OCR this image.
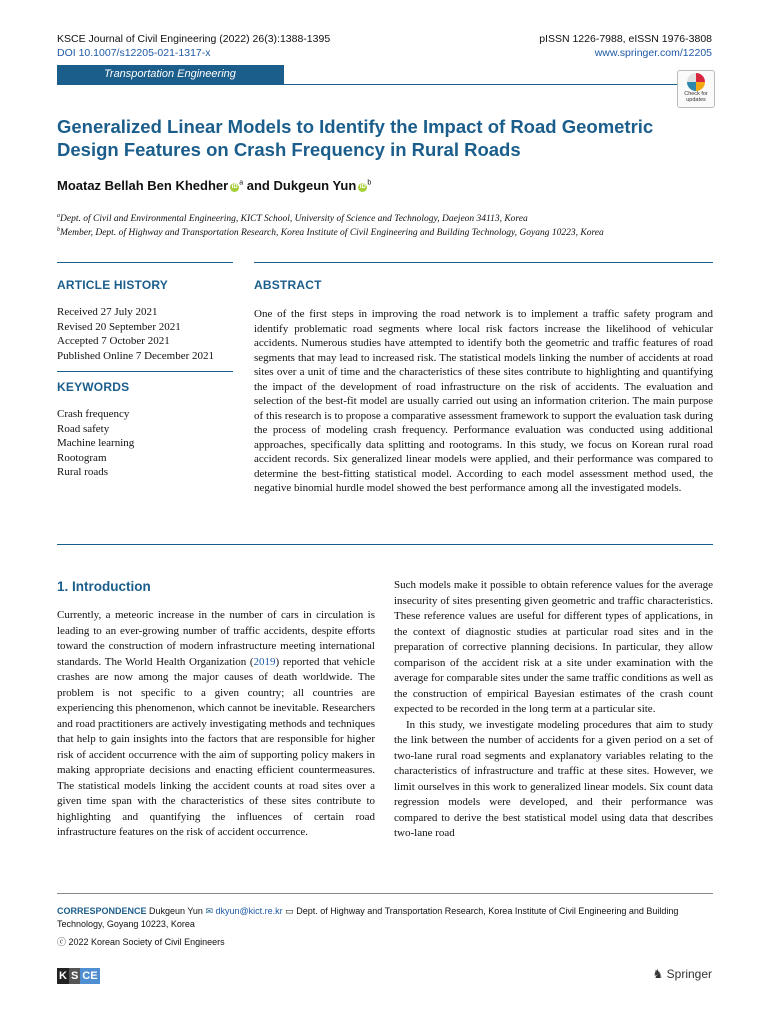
KSCE Journal of Civil Engineering (2022) 26(3):1388-1395
DOI 10.1007/s12205-021-1317-x
pISSN 1226-7988, eISSN 1976-3808
www.springer.com/12205
Transportation Engineering
Check for
updates
Generalized Linear Models to Identify the Impact of Road Geometric
Design Features on Crash Frequency in Rural Roads
Moataz Bellah Ben Khedher $iD^a$ and Dukgeun Yun $iD^b$
$^a$Dept. of Civil and Environmental Engineering, KICT School, University of Science and Technology, Daejeon 34113, Korea
$^b$Member, Dept. of Highway and Transportation Research, Korea Institute of Civil Engineering and Building Technology, Goyang 10223, Korea
ARTICLE HISTORY
Received 27 July 2021
Revised 20 September 2021
Accepted 7 October 2021
Published Online 7 December 2021
KEYWORDS
Crash frequency
Road safety
Machine learning
Rootogram
Rural roads
ABSTRACT
One of the first steps in improving the road network is to implement a traffic safety program and identify problematic road segments where local risk factors increase the likelihood of vehicular accidents. Numerous studies have attempted to identify both the geometric and traffic features of road segments that may lead to increased risk. The statistical models linking the number of accidents at road sites over a unit of time and the characteristics of these sites contribute to highlighting and quantifying the impact of the development of road infrastructure on the risk of accidents. The evaluation and selection of the best-fit model are usually carried out using an information criterion. The main purpose of this research is to propose a comparative assessment framework to support the evaluation task during the process of modeling crash frequency. Performance evaluation was conducted using additional approaches, specifically data splitting and rootograms. In this study, we focus on Korean rural road accident records. Six generalized linear models were applied, and their performance was compared to determine the best-fitting statistical model. According to each model assessment method used, the negative binomial hurdle model showed the best performance among all the investigated models.
1. Introduction
Currently, a meteoric increase in the number of cars in circulation is leading to an ever-growing number of traffic accidents, despite efforts toward the construction of modern infrastructure meeting international standards. The World Health Organization (2019) reported that vehicle crashes are now among the major causes of death worldwide. The problem is not specific to a given country; all countries are experiencing this phenomenon, which cannot be inevitable. Researchers and road practitioners are actively investigating methods and techniques that help to gain insights into the factors that are responsible for higher risk of accident occurrence with the aim of supporting policy makers in making appropriate decisions and enacting efficient countermeasures. The statistical models linking the accident counts at road sites over a given time span with the characteristics of these sites contribute to highlighting and quantifying the influences of certain road infrastructure features on the risk of accident occurrence.
Such models make it possible to obtain reference values for the average insecurity of sites presenting given geometric and traffic characteristics. These reference values are useful for different types of applications, in the context of diagnostic studies at particular road sites and in the preparation of corrective planning decisions. In particular, they allow comparison of the accident risk at a site under examination with the average for comparable sites under the same traffic conditions as well as the construction of empirical Bayesian estimates of the crash count expected to be recorded in the long term at a particular site.
In this study, we investigate modeling procedures that aim to study the link between the number of accidents for a given period on a set of two-lane rural road segments and explanatory variables relating to the characteristics of infrastructure and traffic at these sites. However, we limit ourselves in this work to generalized linear models. Six count data regression models were developed, and their performance was compared to derive the best statistical model using data that describes two-lane road
CORRESPONDENCE Dukgeun Yun ✉ dkyun@kict.re.kr ▭ Dept. of Highway and Transportation Research, Korea Institute of Civil Engineering and Building Technology, Goyang 10223, Korea
ⓒ 2022 Korean Society of Civil Engineers
K S CE	♞ Springer
